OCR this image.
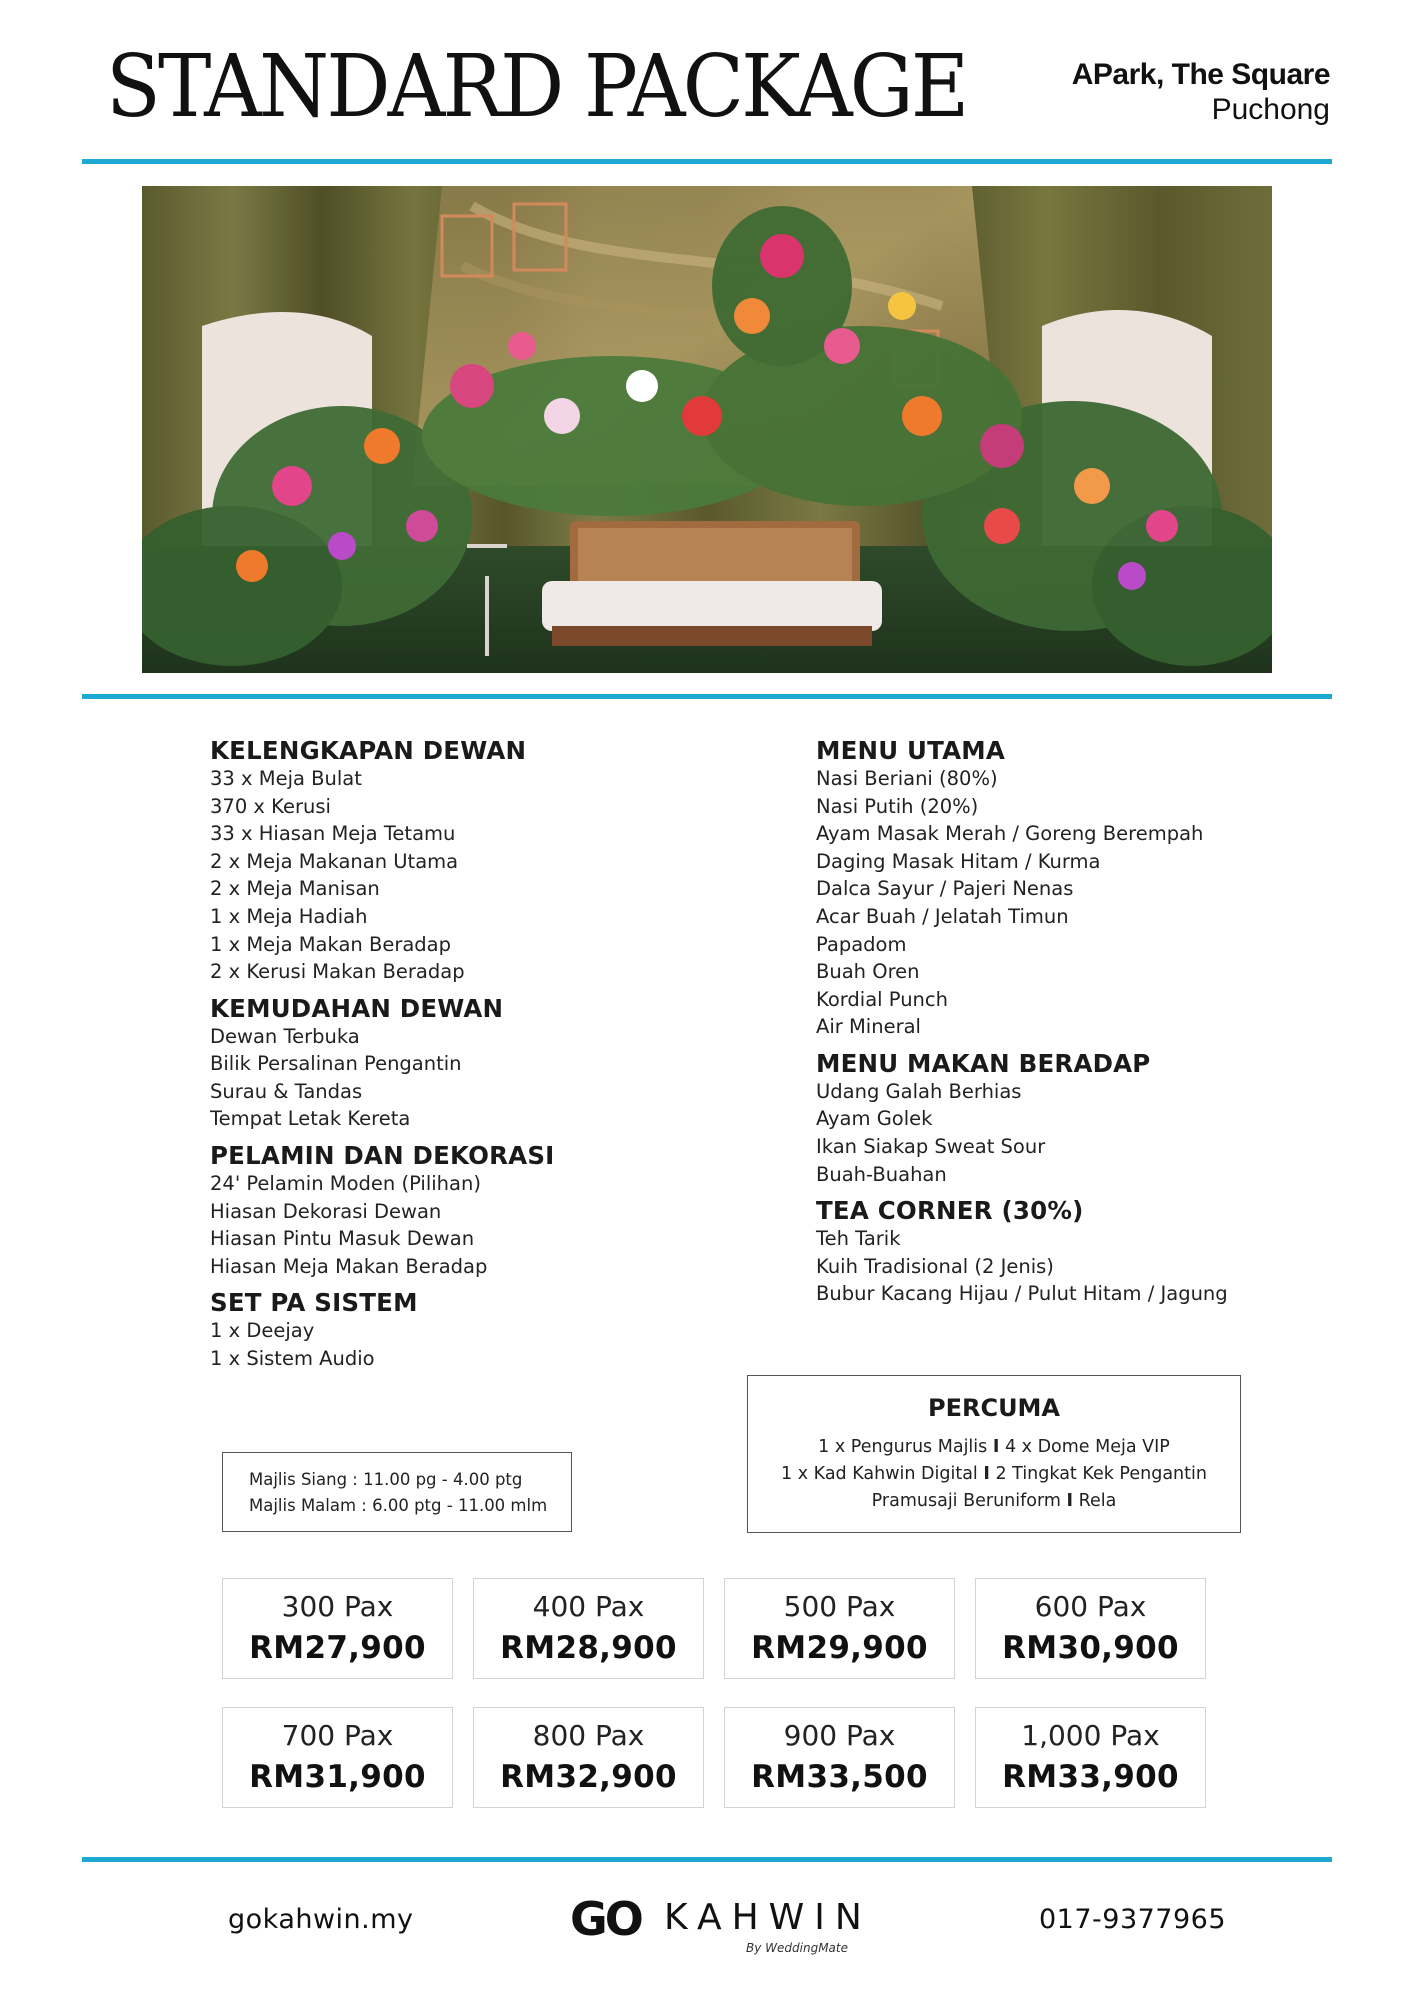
STANDARD PACKAGE	APark, The Square
Puchong
KELENGKAPAN DEWAN
33 x Meja Bulat
370 x Kerusi
33 x Hiasan Meja Tetamu
2 x Meja Makanan Utama
2 x Meja Manisan
1 x Meja Hadiah
1 x Meja Makan Beradap
2 x Kerusi Makan Beradap
KEMUDAHAN DEWAN
Dewan Terbuka
Bilik Persalinan Pengantin
Surau & Tandas
Tempat Letak Kereta
PELAMIN DAN DEKORASI
24' Pelamin Moden (Pilihan)
Hiasan Dekorasi Dewan
Hiasan Pintu Masuk Dewan
Hiasan Meja Makan Beradap
SET PA SISTEM
1 x Deejay
1 x Sistem Audio
MENU UTAMA
Nasi Beriani (80%)
Nasi Putih (20%)
Ayam Masak Merah / Goreng Berempah
Daging Masak Hitam / Kurma
Dalca Sayur / Pajeri Nenas
Acar Buah / Jelatah Timun
Papadom
Buah Oren
Kordial Punch
Air Mineral
MENU MAKAN BERADAP
Udang Galah Berhias
Ayam Golek
Ikan Siakap Sweat Sour
Buah-Buahan
TEA CORNER (30%)
Teh Tarik
Kuih Tradisional (2 Jenis)
Bubur Kacang Hijau / Pulut Hitam / Jagung
PERCUMA

1 x Pengurus Majlis I 4 x Dome Meja VIP

1 x Kad Kahwin Digital I 2 Tingkat Kek Pengantin

Pramusaji Beruniform I Rela

Majlis Siang : 11.00 pg - 4.00 ptg

Majlis Malam : 6.00 ptg - 11.00 mlm

300 Pax
RM27,900
400 Pax
RM28,900
500 Pax
RM29,900
600 Pax
RM30,900
700 Pax
RM31,900
800 Pax
RM32,900
900 Pax
RM33,500
1,000 Pax
RM33,900
gokahwin.my	GO KAHWIN
By WeddingMate
017-9377965
